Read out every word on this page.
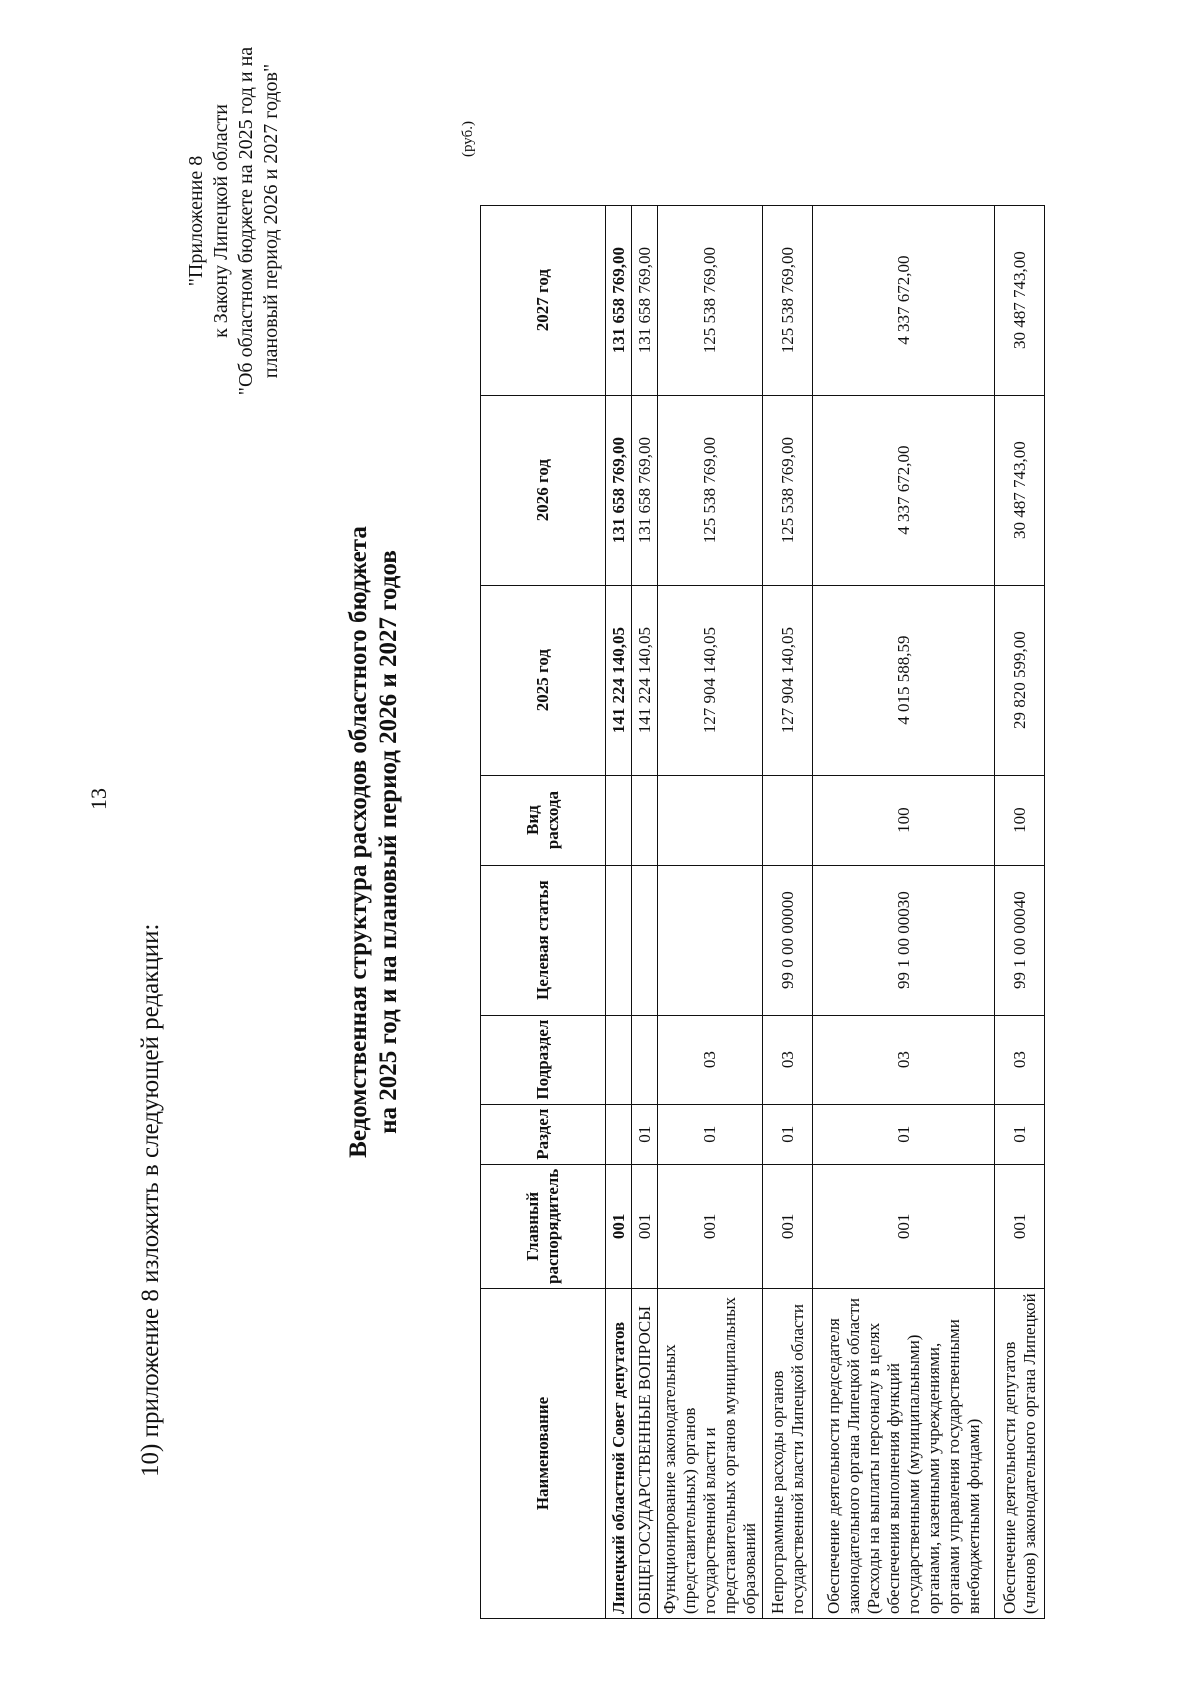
13
10) приложение 8 изложить в следующей редакции:
"Приложение 8 к Закону Липецкой области "Об областном бюджете на 2025 год и на плановый период 2026 и 2027 годов"
Ведомственная структура расходов областного бюджета на 2025 год и на плановый период 2026 и 2027 годов
(руб.)
Наименование	Главный распорядитель	Раздел	Подраздел	Целевая статья	Вид расхода	2025 год	2026 год	2027 год
Липецкий областной Совет депутатов	001					141 224 140,05	131 658 769,00	131 658 769,00
ОБЩЕГОСУДАРСТВЕННЫЕ ВОПРОСЫ	001	01				141 224 140,05	131 658 769,00	131 658 769,00
Функционирование законодательных (представительных) органов государственной власти и представительных органов муниципальных образований	001	01	03			127 904 140,05	125 538 769,00	125 538 769,00
Непрограммные расходы органов государственной власти Липецкой области	001	01	03	99 0 00 00000		127 904 140,05	125 538 769,00	125 538 769,00
Обеспечение деятельности председателя законодательного органа Липецкой области (Расходы на выплаты персоналу в целях обеспечения выполнения функций государственными (муниципальными) органами, казенными учреждениями, органами управления государственными внебюджетными фондами)	001	01	03	99 1 00 00030	100	4 015 588,59	4 337 672,00	4 337 672,00
Обеспечение деятельности депутатов (членов) законодательного органа Липецкой	001	01	03	99 1 00 00040	100	29 820 599,00	30 487 743,00	30 487 743,00
